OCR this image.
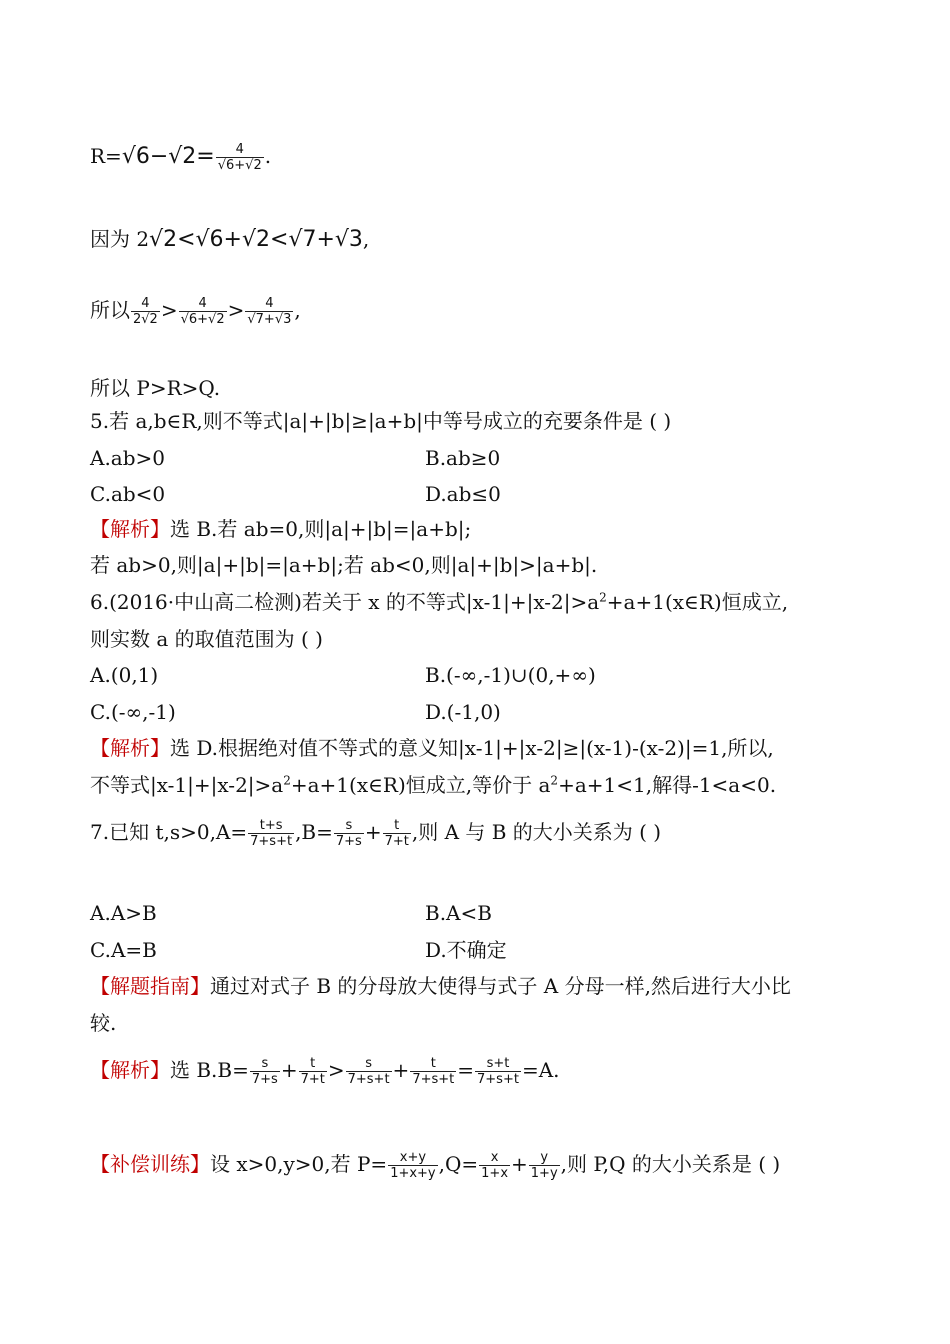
$R=√6-√2= \frac{4}{√6+√2}$ .
因为 2√2<√6+√2<√7+√3,
所以 $\frac{4}{2√2} > \frac{4}{√6+√2} > \frac{4}{√7+√3}$ ,
所以 P>R>Q.
5.若 a,b∈R,则不等式|a|+|b|≥|a+b|中等号成立的充要条件是 ( )
A.ab>0	B.ab≥0
C.ab<0	D.ab≤0
【解析】选 B.若 ab=0,则|a|+|b|=|a+b|;
若 ab>0,则|a|+|b|=|a+b|;若 ab<0,则|a|+|b|>|a+b|.
6.(2016·中山高二检测)若关于 x 的不等式$|x-1|+|x-2|>a^2+a+1(x\in R)$恒成立,
则实数 a 的取值范围为 ( )
A.(0,1)	B.(-∞,-1)∪(0,+∞)
C.(-∞,-1)	D.(-1,0)
【解析】选 D.根据绝对值不等式的意义知|x-1|+|x-2|≥|(x-1)-(x-2)|=1,所以,
不等式$|x-1|+|x-2|>a^2+a+1(x\in R)$恒成立,等价于 $a^2+a+1<1$,解得-1<a<0.
7.已知 $t,s>0,A= \frac{t+s}{7+s+t} ,B= \frac{s}{7+s} + \frac{t}{7+t}$ ,则 A 与 B 的大小关系为 ( )
A.A>B	B.A<B
C.A=B	D.不确定
【解题指南】通过对式子 B 的分母放大使得与式子 A 分母一样,然后进行大小比
较.
【解析】选 $B.B= \frac{s}{7+s} + \frac{t}{7+t} > \frac{s}{7+s+t} + \frac{t}{7+s+t} = \frac{s+t}{7+s+t} =A$.
【补偿训练】设 x>0,y>0,若 $P= \frac{x+y}{1+x+y} ,Q= \frac{x}{1+x} + \frac{y}{1+y}$ ,则 P,Q 的大小关系是 ( )
